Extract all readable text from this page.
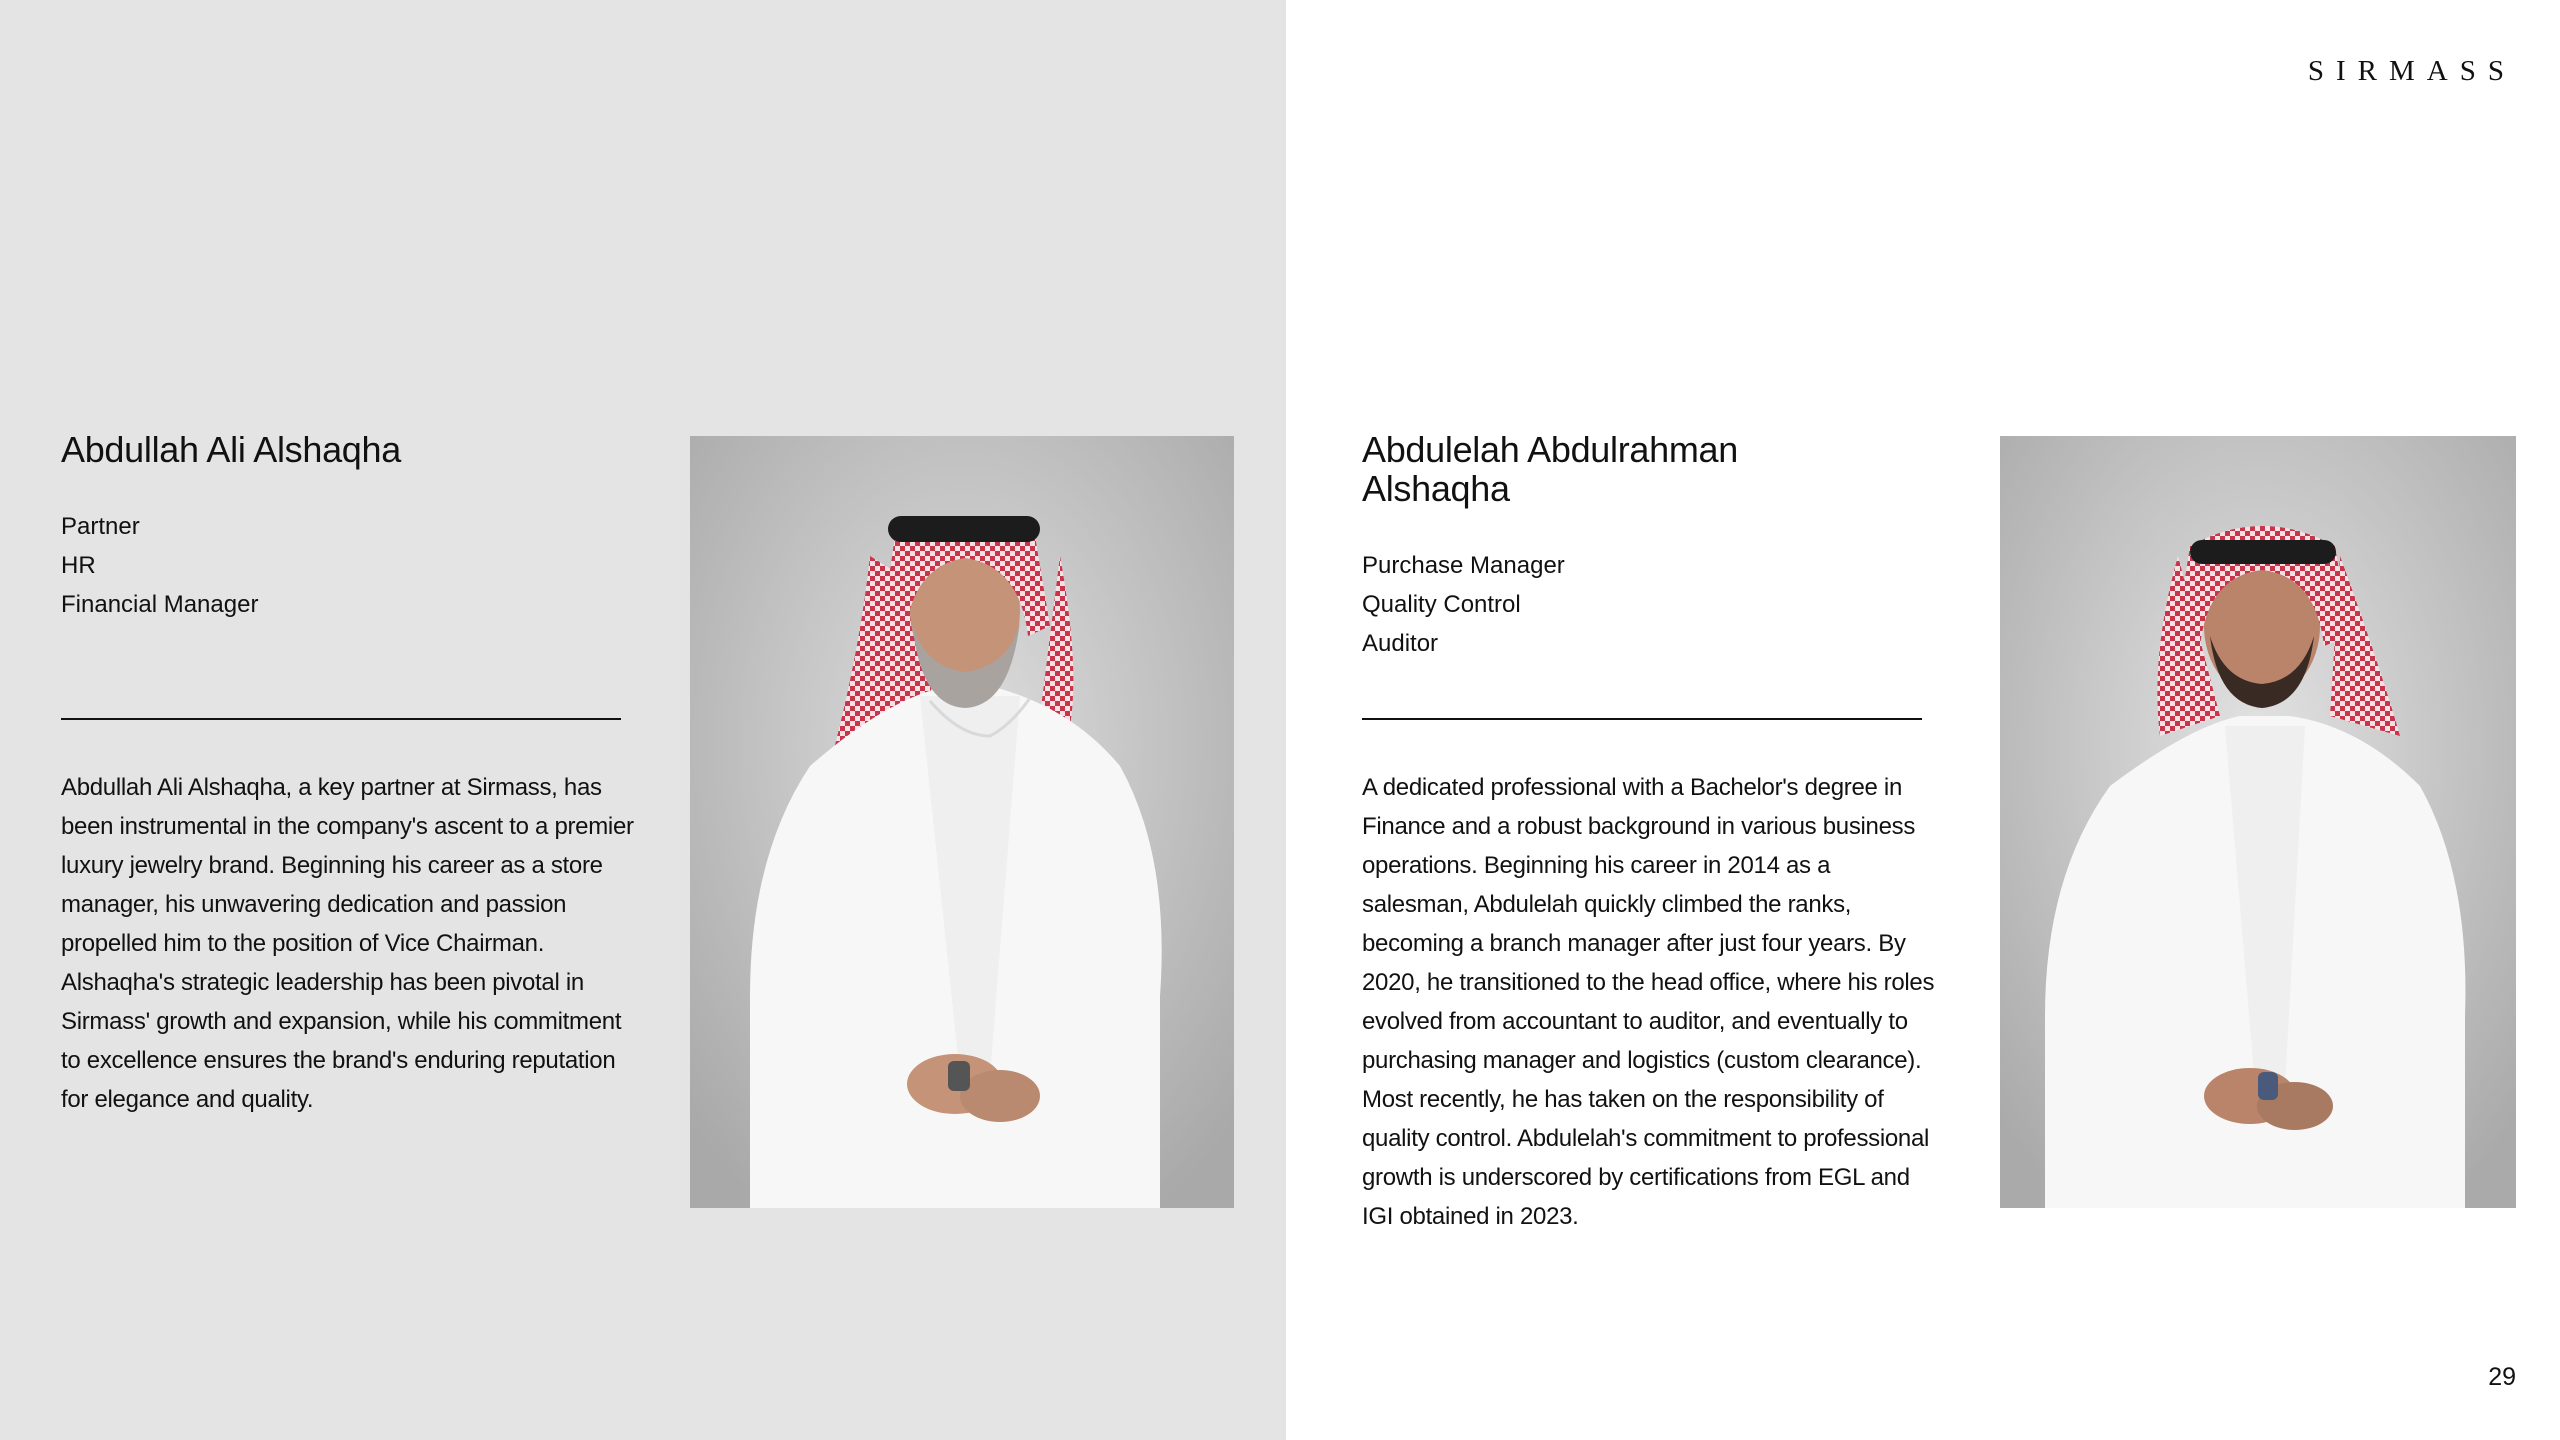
SIRMASS
Abdullah Ali Alshaqha
Partner
HR
Financial Manager
Abdullah Ali Alshaqha, a key partner at Sirmass, has been instrumental in the company's ascent to a premier luxury jewelry brand. Beginning his career as a store manager, his unwavering dedication and passion propelled him to the position of Vice Chairman. Alshaqha's strategic leadership has been pivotal in Sirmass' growth and expansion, while his commitment to excellence ensures the brand's enduring reputation for elegance and quality.
Abdulelah Abdulrahman
Alshaqha
Purchase Manager
Quality Control
Auditor
A dedicated professional with a Bachelor's degree in Finance and a robust background in various business operations. Beginning his career in 2014 as a salesman, Abdulelah quickly climbed the ranks, becoming a branch manager after just four years. By 2020, he transitioned to the head office, where his roles evolved from accountant to auditor, and eventually to purchasing manager and logistics (custom clearance). Most recently, he has taken on the responsibility of quality control. Abdulelah's commitment to professional growth is underscored by certifications from EGL and IGI obtained in 2023.
29
